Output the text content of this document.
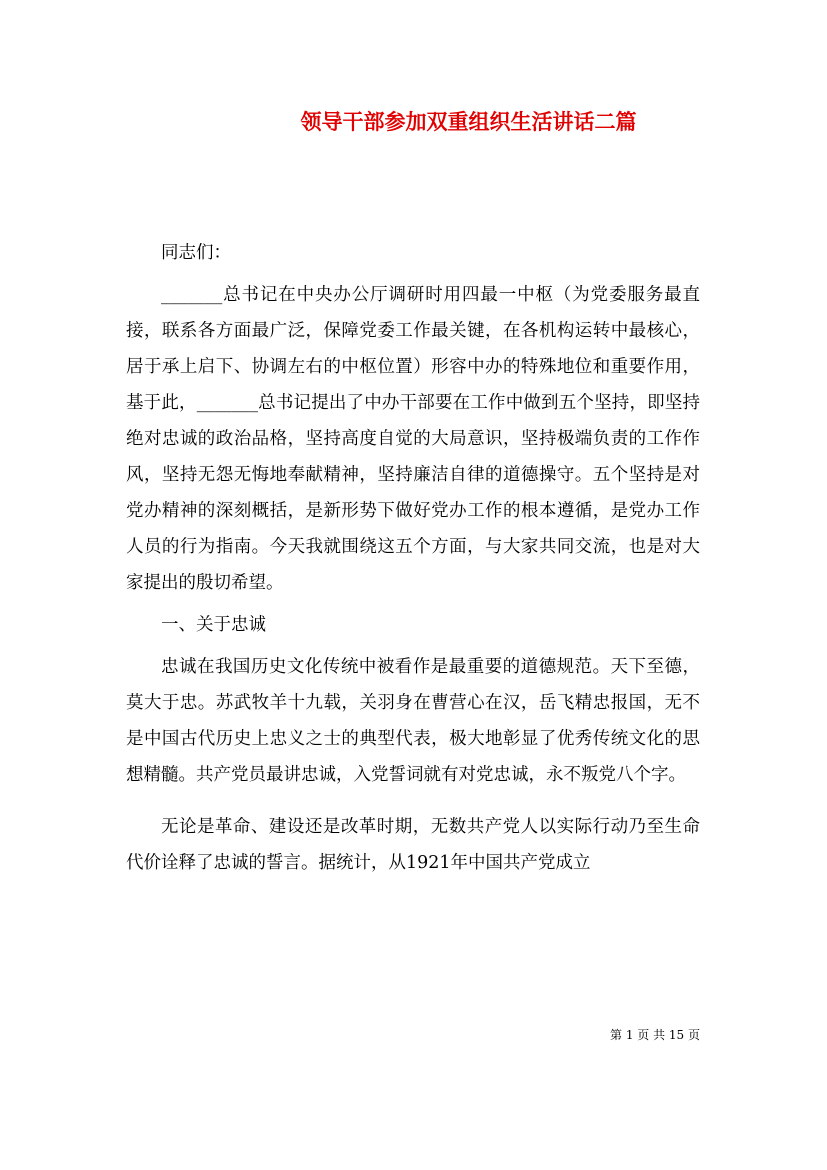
领导干部参加双重组织生活讲话二篇

同志们：

_______总书记在中央办公厅调研时用四最一中枢（为党委服务最直接，联系各方面最广泛，保障党委工作最关键，在各机构运转中最核心，居于承上启下、协调左右的中枢位置）形容中办的特殊地位和重要作用，基于此，_______总书记提出了中办干部要在工作中做到五个坚持，即坚持绝对忠诚的政治品格，坚持高度自觉的大局意识，坚持极端负责的工作作风，坚持无怨无悔地奉献精神，坚持廉洁自律的道德操守。五个坚持是对党办精神的深刻概括，是新形势下做好党办工作的根本遵循，是党办工作人员的行为指南。今天我就围绕这五个方面，与大家共同交流，也是对大家提出的殷切希望。

一、关于忠诚

忠诚在我国历史文化传统中被看作是最重要的道德规范。天下至德，莫大于忠。苏武牧羊十九载，关羽身在曹营心在汉，岳飞精忠报国，无不是中国古代历史上忠义之士的典型代表，极大地彰显了优秀传统文化的思想精髓。共产党员最讲忠诚，入党誓词就有对党忠诚，永不叛党八个字。

无论是革命、建设还是改革时期，无数共产党人以实际行动乃至生命代价诠释了忠诚的誓言。据统计，从1921年中国共产党成立

第 1 页 共 15 页
